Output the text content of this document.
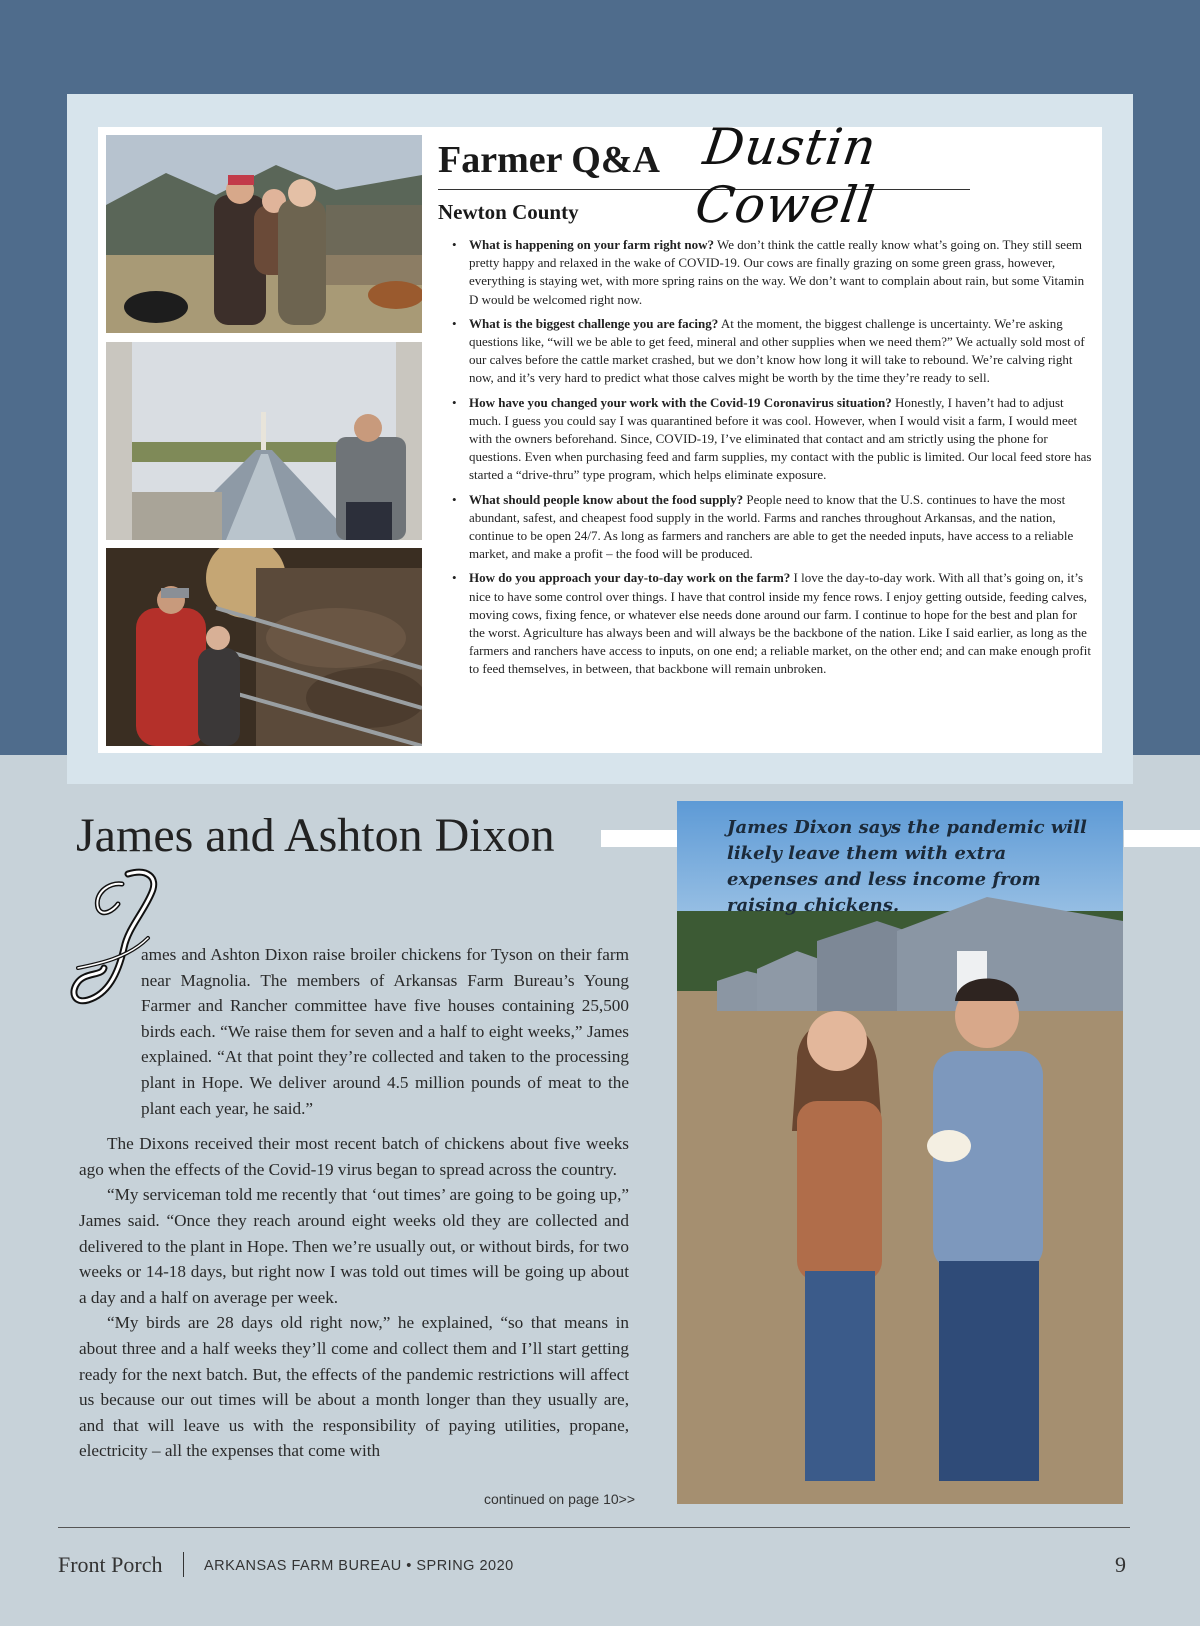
Farmer Q&A Dustin Cowell
Newton County
• What is happening on your farm right now? We don’t think the cattle really know what’s going on. They still seem pretty happy and relaxed in the wake of COVID-19. Our cows are finally grazing on some green grass, however, everything is staying wet, with more spring rains on the way. We don’t want to complain about rain, but some Vitamin D would be welcomed right now.
• What is the biggest challenge you are facing? At the moment, the biggest challenge is uncertainty. We’re asking questions like, “will we be able to get feed, mineral and other supplies when we need them?” We actually sold most of our calves before the cattle market crashed, but we don’t know how long it will take to rebound. We’re calving right now, and it’s very hard to predict what those calves might be worth by the time they’re ready to sell.
• How have you changed your work with the Covid-19 Coronavirus situation? Honestly, I haven’t had to adjust much. I guess you could say I was quarantined before it was cool. However, when I would visit a farm, I would meet with the owners beforehand. Since, COVID-19, I’ve eliminated that contact and am strictly using the phone for questions. Even when purchasing feed and farm supplies, my contact with the public is limited. Our local feed store has started a “drive-thru” type program, which helps eliminate exposure.
• What should people know about the food supply? People need to know that the U.S. continues to have the most abundant, safest, and cheapest food supply in the world. Farms and ranches throughout Arkansas, and the nation, continue to be open 24/7. As long as farmers and ranchers are able to get the needed inputs, have access to a reliable market, and make a profit – the food will be produced.
• How do you approach your day-to-day work on the farm? I love the day-to-day work. With all that’s going on, it’s nice to have some control over things. I have that control inside my fence rows. I enjoy getting outside, feeding calves, moving cows, fixing fence, or whatever else needs done around our farm. I continue to hope for the best and plan for the worst. Agriculture has always been and will always be the backbone of the nation. Like I said earlier, as long as the farmers and ranchers have access to inputs, on one end; a reliable market, on the other end; and can make enough profit to feed themselves, in between, that backbone will remain unbroken.
James and Ashton Dixon

ames and Ashton Dixon raise broiler chickens for Tyson on their farm near Magnolia. The members of Arkansas Farm Bureau’s Young Farmer and Rancher committee have five houses containing 25,500 birds each. “We raise them for seven and a half to eight weeks,” James explained. “At that point they’re collected and taken to the processing plant in Hope. We deliver around 4.5 million pounds of meat to the plant each year, he said.”

The Dixons received their most recent batch of chickens about five weeks ago when the effects of the Covid-19 virus began to spread across the country.

“My serviceman told me recently that ‘out times’ are going to be going up,” James said. “Once they reach around eight weeks old they are collected and delivered to the plant in Hope. Then we’re usually out, or without birds, for two weeks or 14-18 days, but right now I was told out times will be going up about a day and a half on average per week.

“My birds are 28 days old right now,” he explained, “so that means in about three and a half weeks they’ll come and collect them and I’ll start getting ready for the next batch. But, the effects of the pandemic restrictions will affect us because our out times will be about a month longer than they usually are, and that will leave us with the responsibility of paying utilities, propane, electricity – all the expenses that come with

continued on page 10>>
James Dixon says the pandemic will likely leave them with extra expenses and less income from raising chickens.
Front Porch	ARKANSAS FARM BUREAU • SPRING 2020	9
